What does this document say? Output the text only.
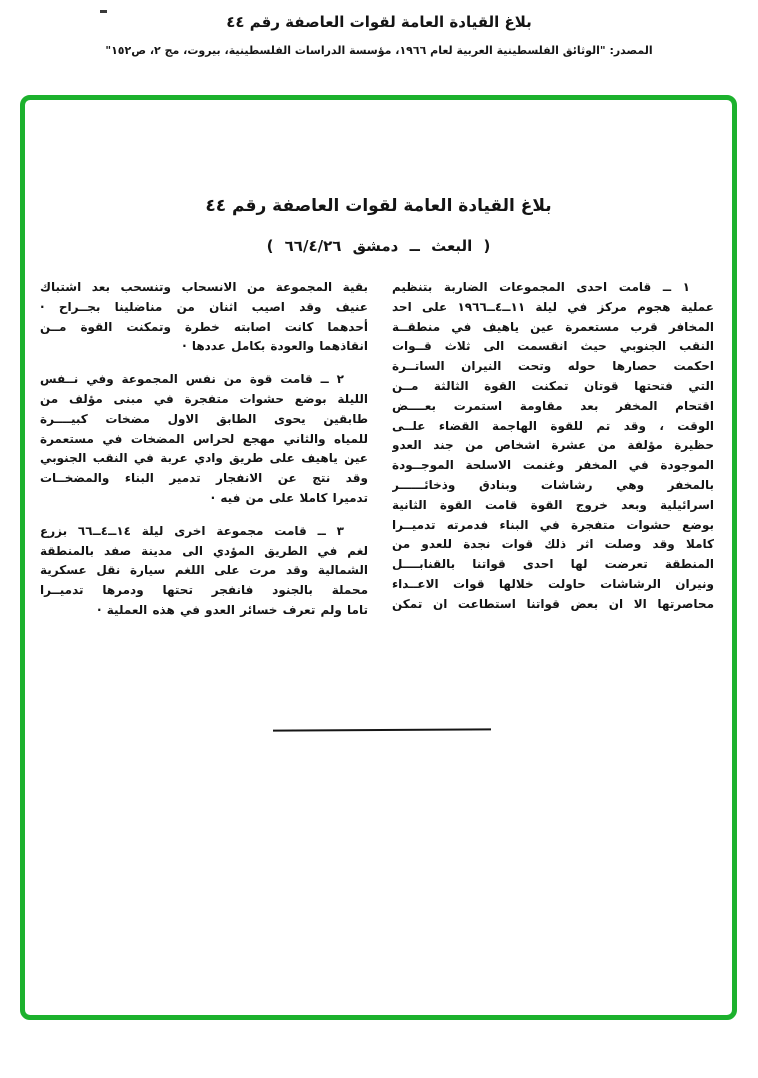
بلاغ القيادة العامة لقوات العاصفة رقم ٤٤
المصدر: "الوثائق الفلسطينية العربية لعام ١٩٦٦، مؤسسة الدراسات الفلسطينية، بيروت، مج ٢، ص١٥٢"
بلاغ القيادة العامة لقوات العاصفة رقم ٤٤
( البعث ــ دمشق ٦٦/٤/٢٦ )
١ ــ قامت احدى المجموعات الضاربة بتنظيم
عملية هجوم مركز في ليلة ١١ــ٤ــ١٩٦٦ على احد
المخافر قرب مستعمرة عين ياهيف في منطقــة
النقب الجنوبي حيث انقسمت الى ثلاث قــوات
احكمت حصارها حوله وتحت النيران الساتــرة
التي فتحتها قوتان تمكنت القوة الثالثة مــن
اقتحام المخفر بعد مقاومة استمرت بعــــض
الوقت ، وقد تم للقوة الهاجمة القضاء علــى
حظيرة مؤلفة من عشرة اشخاص من جند العدو
الموجودة في المخفر وغنمت الاسلحة الموجــودة
بالمخفر وهي رشاشات وبنادق وذخائــــــر
اسرائيلية وبعد خروج القوة قامت القوة الثانية
بوضع حشوات متفجرة في البناء فدمرته تدميــرا
كاملا وقد وصلت اثر ذلك قوات نجدة للعدو من
المنطقة تعرضت لها احدى قواتنا بالقنابــــل
ونيران الرشاشات حاولت خلالها قوات الاعــداء
محاصرتها الا ان بعض قواتنا استطاعت ان تمكن
بقية المجموعة من الانسحاب وتنسحب بعد اشتباك
عنيف وقد اصيب اثنان من مناضلينا بجــراح ·
أحدهما كانت اصابته خطرة وتمكنت القوة مــن
انقاذهما والعودة بكامل عددها ·
٢ ــ قامت قوة من نفس المجموعة وفي نــفس
الليلة بوضع حشوات متفجرة في مبنى مؤلف من
طابقين يحوى الطابق الاول مضخات كبيــــرة
للمياه والثاني مهجع لحراس المضخات في مستعمرة
عين ياهيف على طريق وادي عربة في النقب الجنوبي
وقد نتج عن الانفجار تدمير البناء والمضخــات
تدميرا كاملا على من فيه ·
٣ ــ قامت مجموعة اخرى ليلة ١٤ــ٤ــ٦٦ بزرع
لغم في الطريق المؤدي الى مدينة صفد بالمنطقة
الشمالية وقد مرت على اللغم سيارة نقل عسكرية
محملة بالجنود فانفجر تحتها ودمرها تدميــرا
تاما ولم تعرف خسائر العدو في هذه العملية ·
